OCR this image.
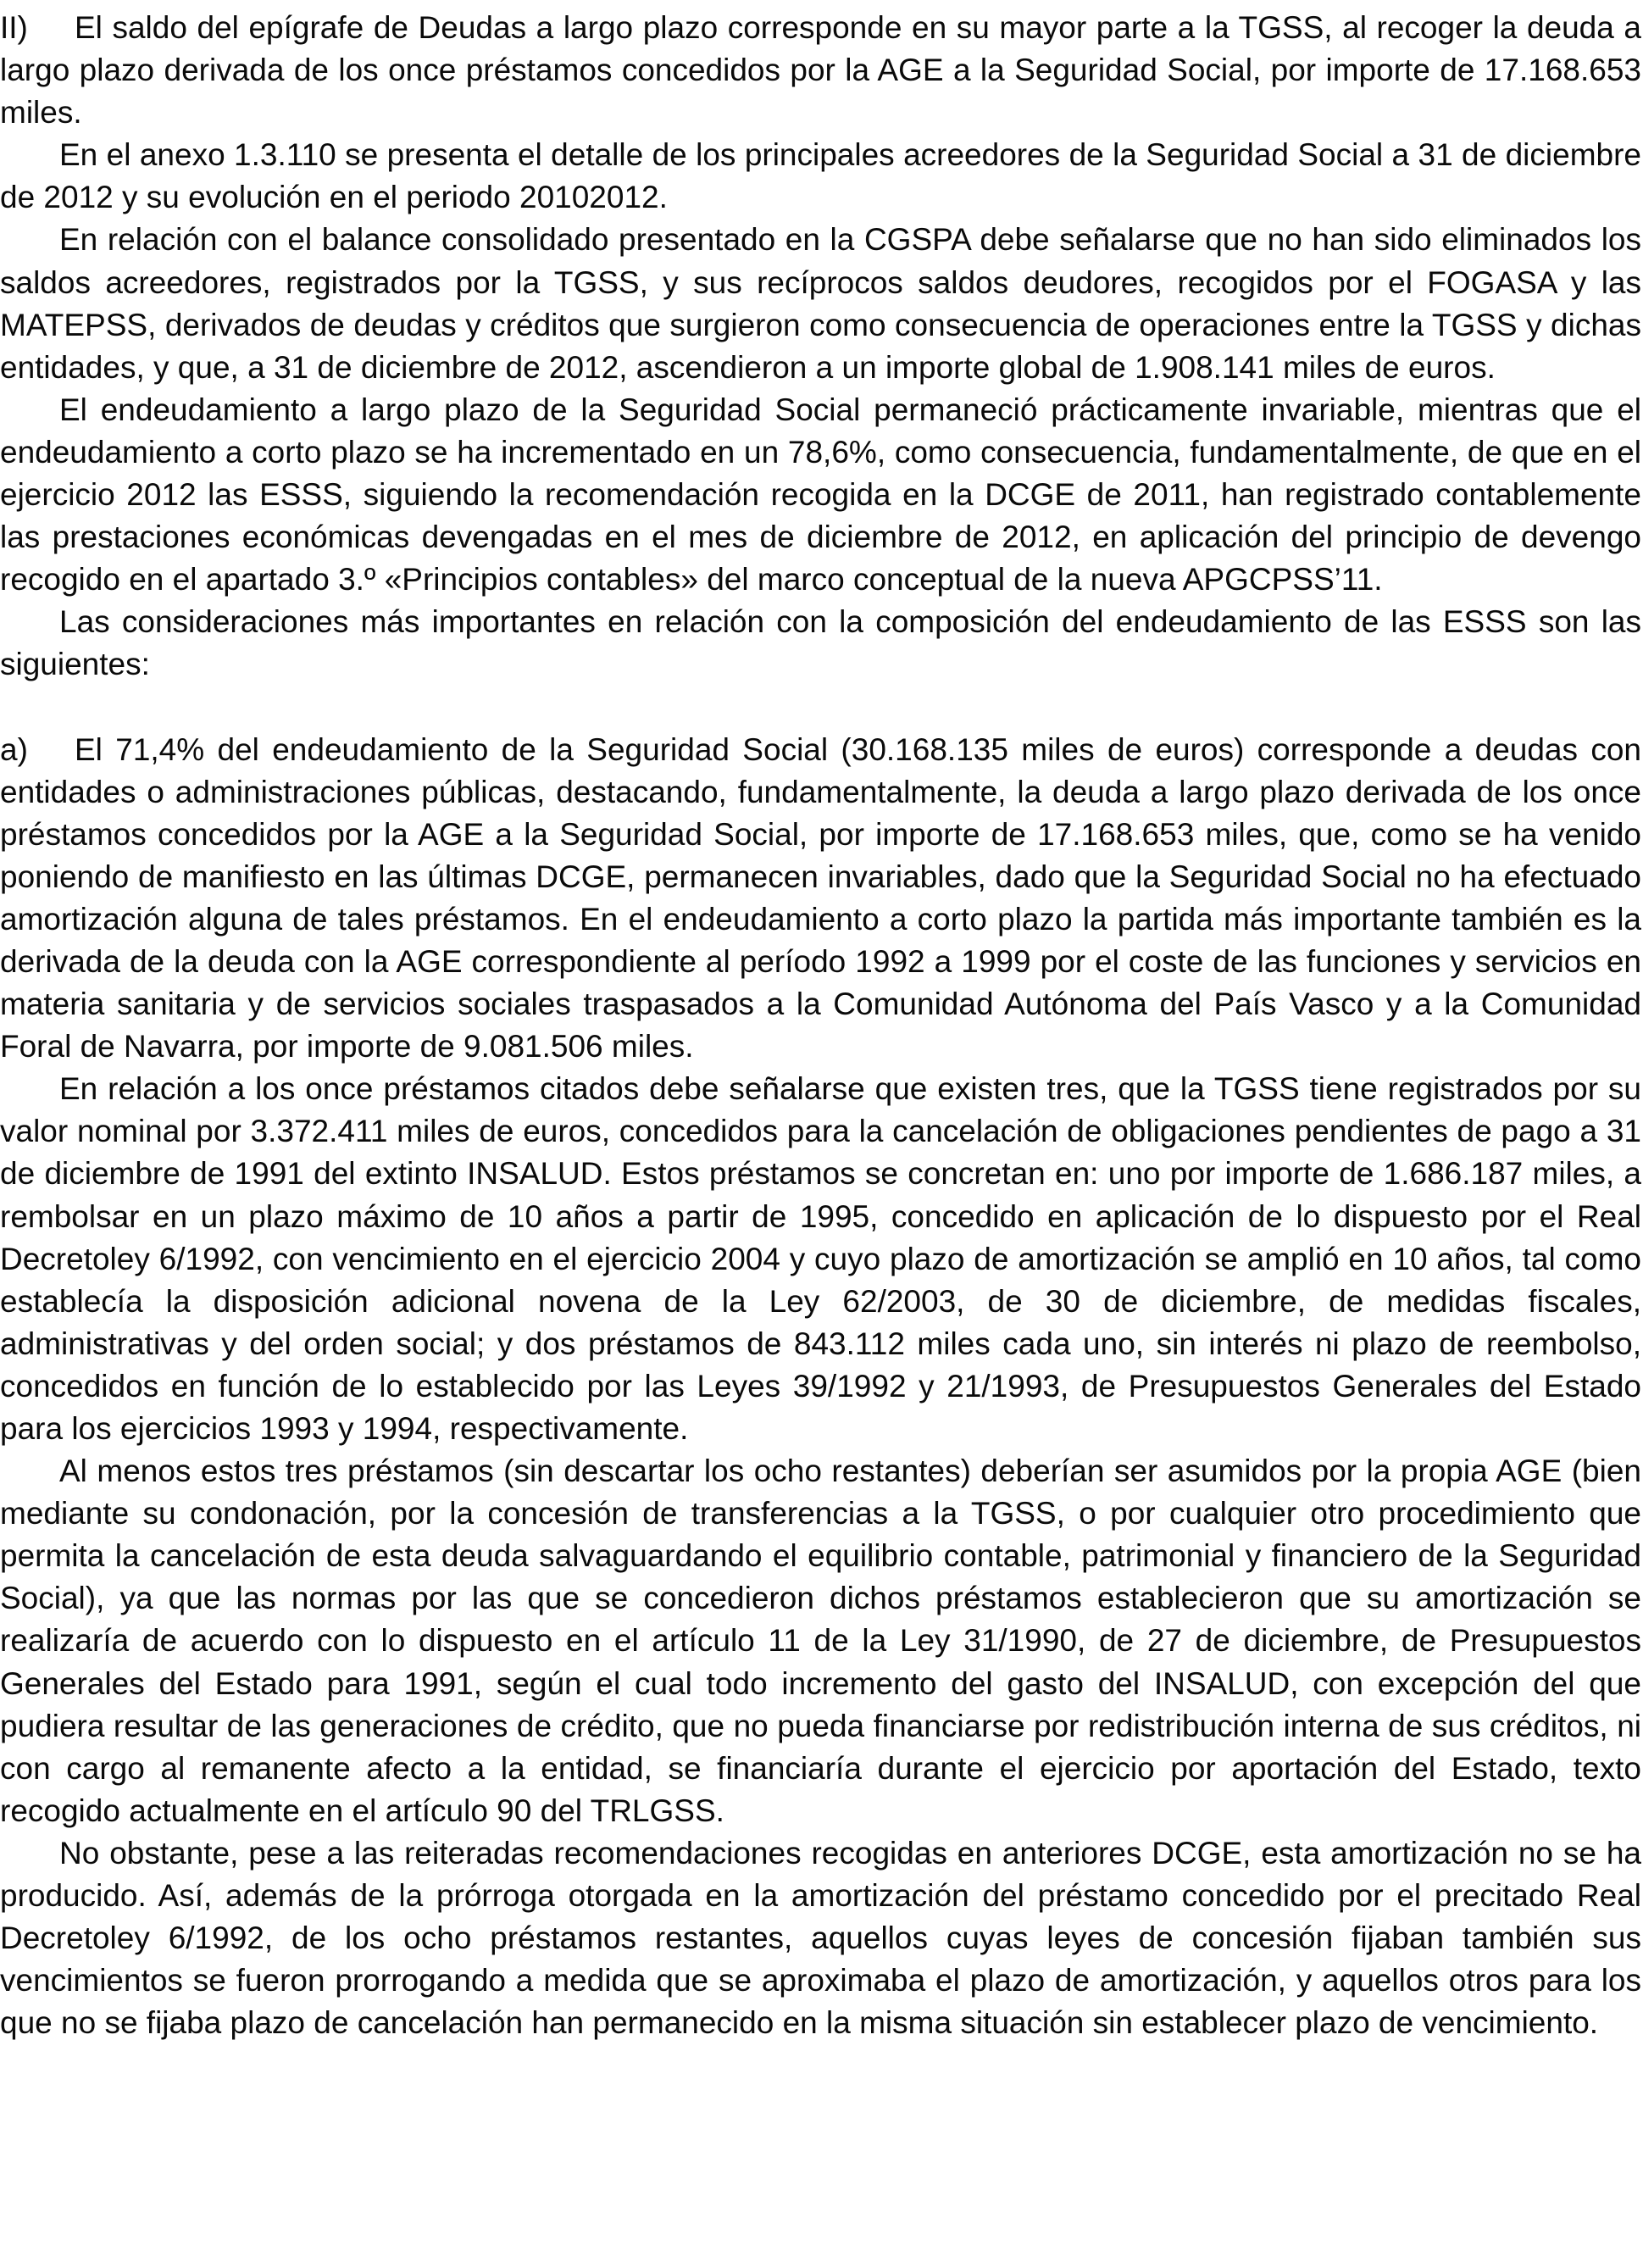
II) El saldo del epígrafe de Deudas a largo plazo corresponde en su mayor parte a la TGSS, al recoger la deuda a largo plazo derivada de los once préstamos concedidos por la AGE a la Seguridad Social, por importe de 17.168.653 miles.

En el anexo 1.3.110 se presenta el detalle de los principales acreedores de la Seguridad Social a 31 de diciembre de 2012 y su evolución en el periodo 20102012.

En relación con el balance consolidado presentado en la CGSPA debe señalarse que no han sido eliminados los saldos acreedores, registrados por la TGSS, y sus recíprocos saldos deudores, recogidos por el FOGASA y las MATEPSS, derivados de deudas y créditos que surgieron como consecuencia de operaciones entre la TGSS y dichas entidades, y que, a 31 de diciembre de 2012, ascendieron a un importe global de 1.908.141 miles de euros.

El endeudamiento a largo plazo de la Seguridad Social permaneció prácticamente invariable, mientras que el endeudamiento a corto plazo se ha incrementado en un 78,6%, como consecuencia, fundamentalmente, de que en el ejercicio 2012 las ESSS, siguiendo la recomendación recogida en la DCGE de 2011, han registrado contablemente las prestaciones económicas devengadas en el mes de diciembre de 2012, en aplicación del principio de devengo recogido en el apartado 3.º «Principios contables» del marco conceptual de la nueva APGCPSS’11.

Las consideraciones más importantes en relación con la composición del endeudamiento de las ESSS son las siguientes:

a) El 71,4% del endeudamiento de la Seguridad Social (30.168.135 miles de euros) corresponde a deudas con entidades o administraciones públicas, destacando, fundamentalmente, la deuda a largo plazo derivada de los once préstamos concedidos por la AGE a la Seguridad Social, por importe de 17.168.653 miles, que, como se ha venido poniendo de manifiesto en las últimas DCGE, permanecen invariables, dado que la Seguridad Social no ha efectuado amortización alguna de tales préstamos. En el endeudamiento a corto plazo la partida más importante también es la derivada de la deuda con la AGE correspondiente al período 1992 a 1999 por el coste de las funciones y servicios en materia sanitaria y de servicios sociales traspasados a la Comunidad Autónoma del País Vasco y a la Comunidad Foral de Navarra, por importe de 9.081.506 miles.

En relación a los once préstamos citados debe señalarse que existen tres, que la TGSS tiene registrados por su valor nominal por 3.372.411 miles de euros, concedidos para la cancelación de obligaciones pendientes de pago a 31 de diciembre de 1991 del extinto INSALUD. Estos préstamos se concretan en: uno por importe de 1.686.187 miles, a rembolsar en un plazo máximo de 10 años a partir de 1995, concedido en aplicación de lo dispuesto por el Real Decretoley 6/1992, con vencimiento en el ejercicio 2004 y cuyo plazo de amortización se amplió en 10 años, tal como establecía la disposición adicional novena de la Ley 62/2003, de 30 de diciembre, de medidas fiscales, administrativas y del orden social; y dos préstamos de 843.112 miles cada uno, sin interés ni plazo de reembolso, concedidos en función de lo establecido por las Leyes 39/1992 y 21/1993, de Presupuestos Generales del Estado para los ejercicios 1993 y 1994, respectivamente.

Al menos estos tres préstamos (sin descartar los ocho restantes) deberían ser asumidos por la propia AGE (bien mediante su condonación, por la concesión de transferencias a la TGSS, o por cualquier otro procedimiento que permita la cancelación de esta deuda salvaguardando el equilibrio contable, patrimonial y financiero de la Seguridad Social), ya que las normas por las que se concedieron dichos préstamos establecieron que su amortización se realizaría de acuerdo con lo dispuesto en el artículo 11 de la Ley 31/1990, de 27 de diciembre, de Presupuestos Generales del Estado para 1991, según el cual todo incremento del gasto del INSALUD, con excepción del que pudiera resultar de las generaciones de crédito, que no pueda financiarse por redistribución interna de sus créditos, ni con cargo al remanente afecto a la entidad, se financiaría durante el ejercicio por aportación del Estado, texto recogido actualmente en el artículo 90 del TRLGSS.

No obstante, pese a las reiteradas recomendaciones recogidas en anteriores DCGE, esta amortización no se ha producido. Así, además de la prórroga otorgada en la amortización del préstamo concedido por el precitado Real Decretoley 6/1992, de los ocho préstamos restantes, aquellos cuyas leyes de concesión fijaban también sus vencimientos se fueron prorrogando a medida que se aproximaba el plazo de amortización, y aquellos otros para los que no se fijaba plazo de cancelación han permanecido en la misma situación sin establecer plazo de vencimiento.
